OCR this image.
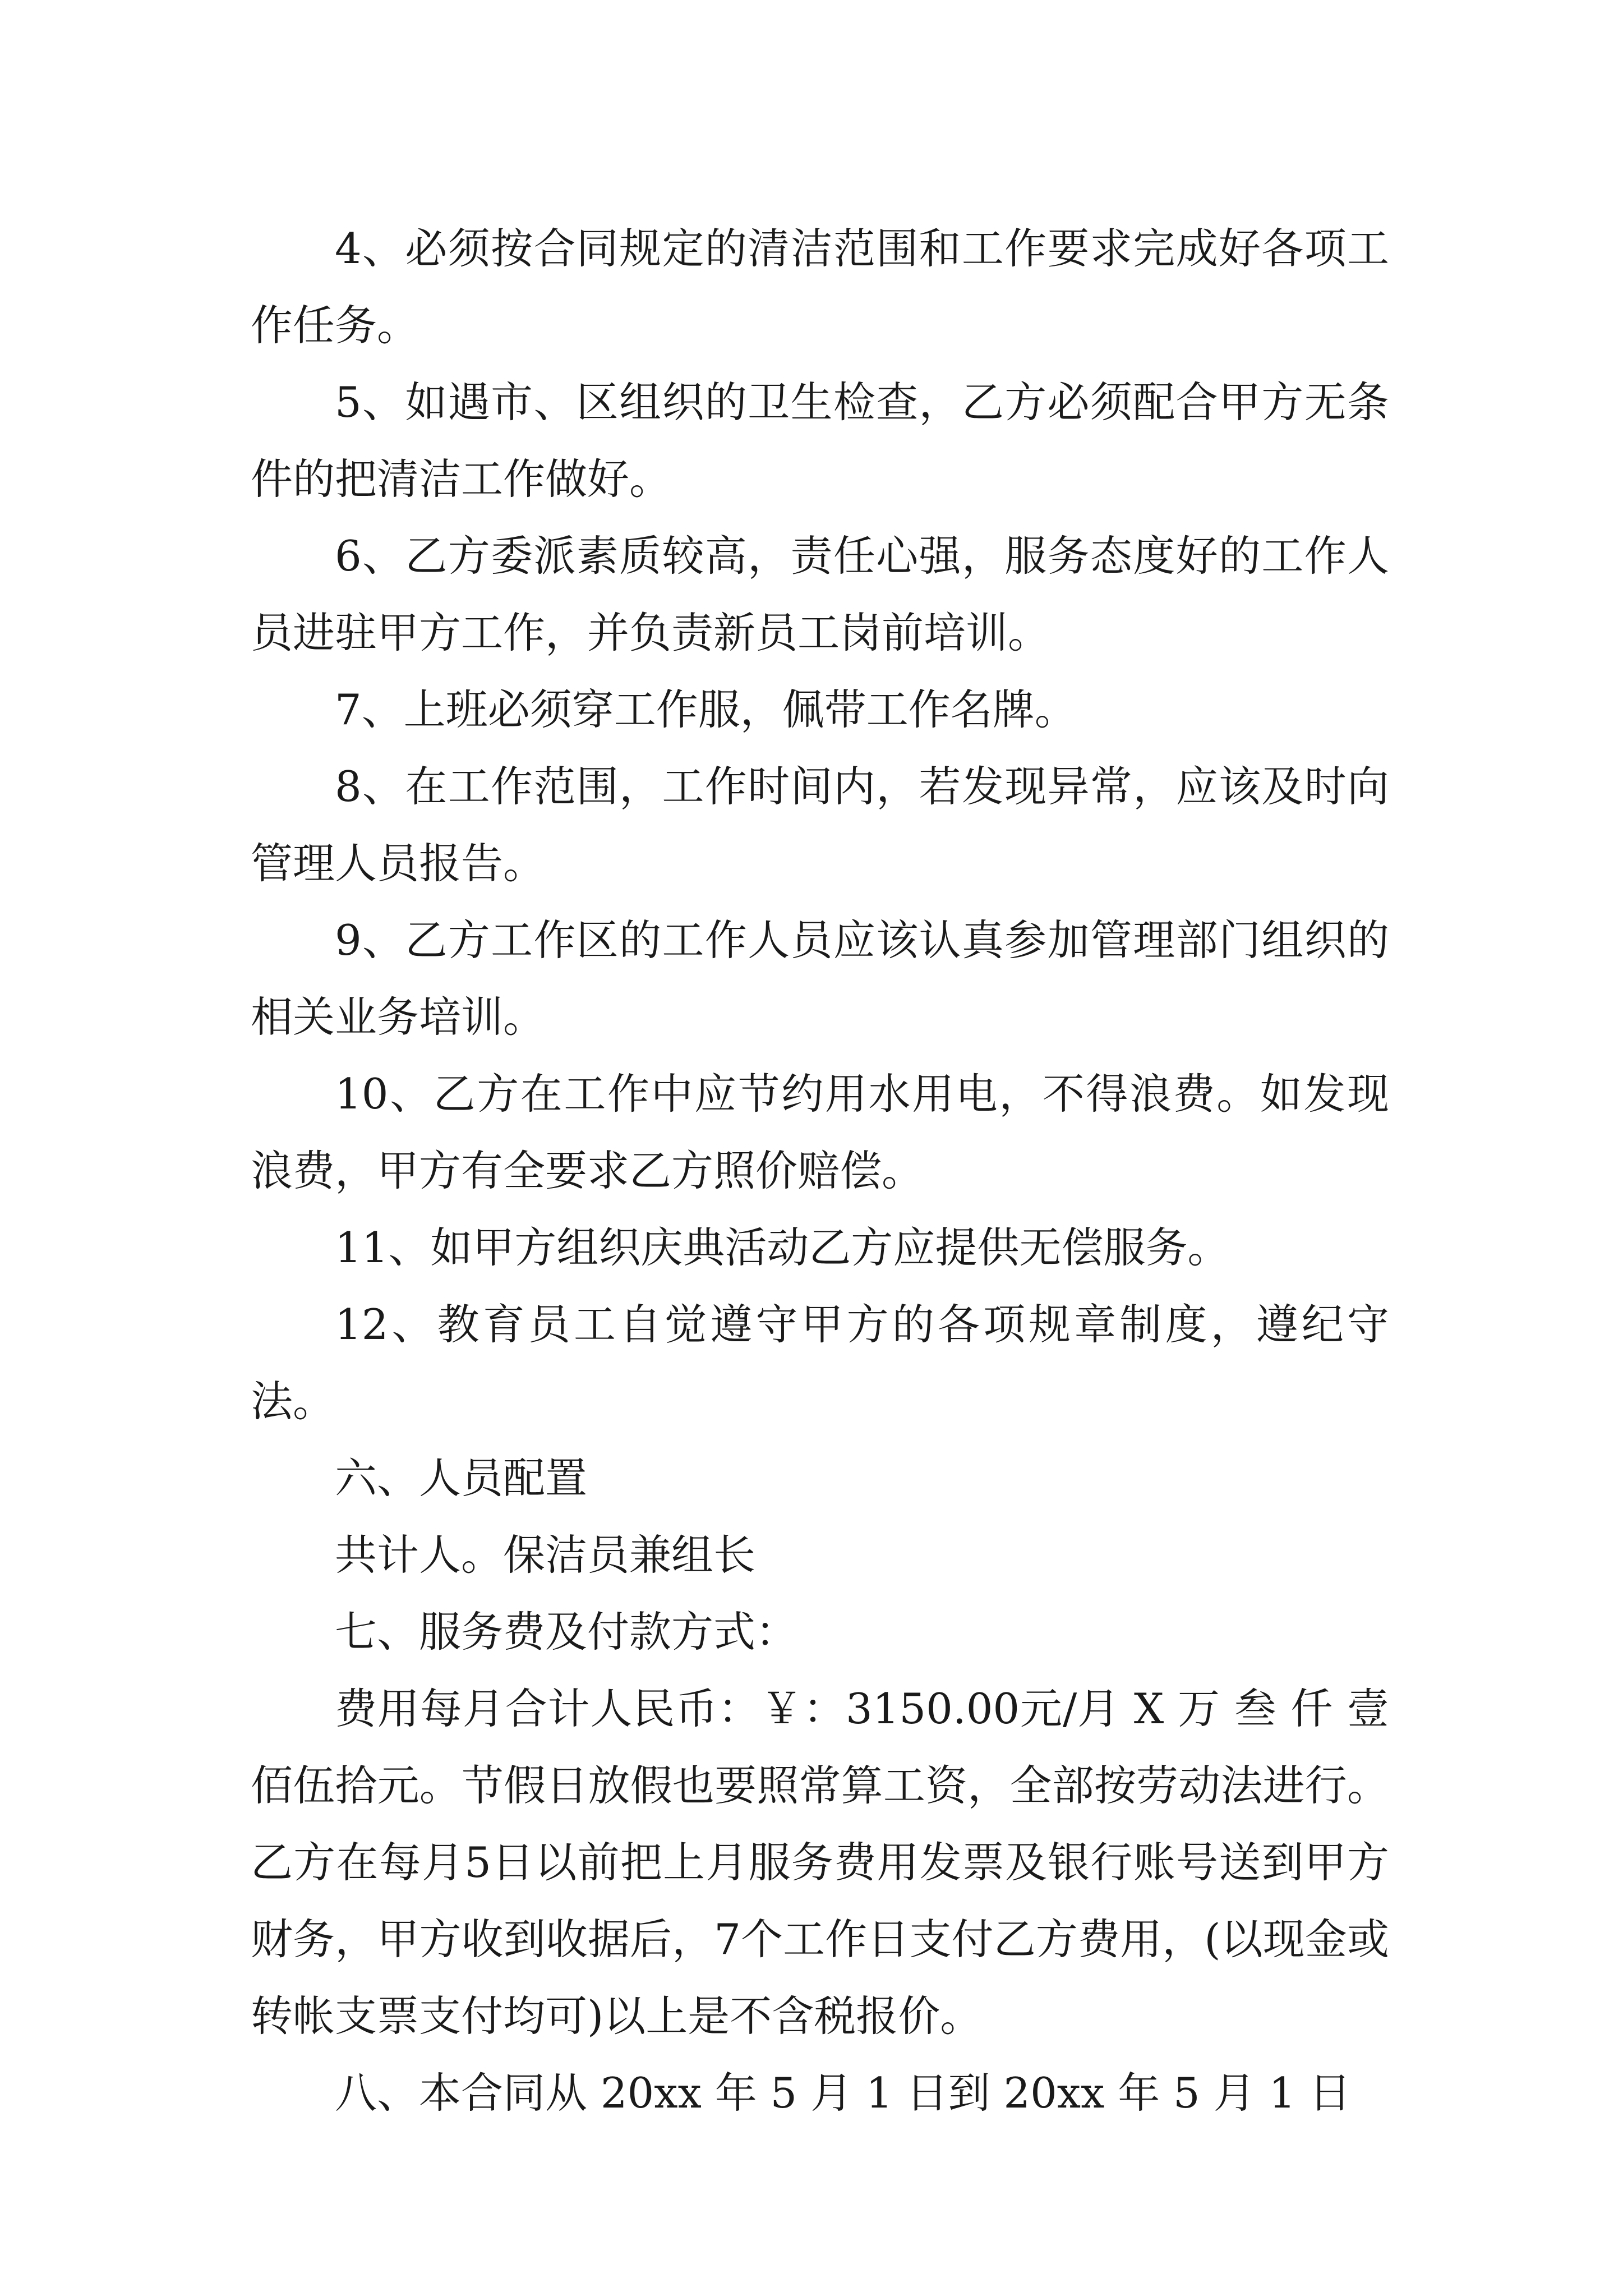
4、必须按合同规定的清洁范围和工作要求完成好各项工作任务。

5、如遇市、区组织的卫生检查，乙方必须配合甲方无条件的把清洁工作做好。

6、乙方委派素质较高，责任心强，服务态度好的工作人员进驻甲方工作，并负责新员工岗前培训。

7、上班必须穿工作服，佩带工作名牌。

8、在工作范围，工作时间内，若发现异常，应该及时向管理人员报告。

9、乙方工作区的工作人员应该认真参加管理部门组织的相关业务培训。

10、乙方在工作中应节约用水用电，不得浪费。如发现浪费，甲方有全要求乙方照价赔偿。

11、如甲方组织庆典活动乙方应提供无偿服务。

12、教育员工自觉遵守甲方的各项规章制度，遵纪守法。

六、人员配置

共计人。保洁员兼组长

七、服务费及付款方式：

费用每月合计人民币：￥：3150.00元/月 X 万 叁 仟 壹 佰伍拾元。节假日放假也要照常算工资，全部按劳动法进行。乙方在每月5日以前把上月服务费用发票及银行账号送到甲方财务，甲方收到收据后，7个工作日支付乙方费用，(以现金或转帐支票支付均可)以上是不含税报价。

八、本合同从 20xx 年 5 月 1 日到 20xx 年 5 月 1 日
